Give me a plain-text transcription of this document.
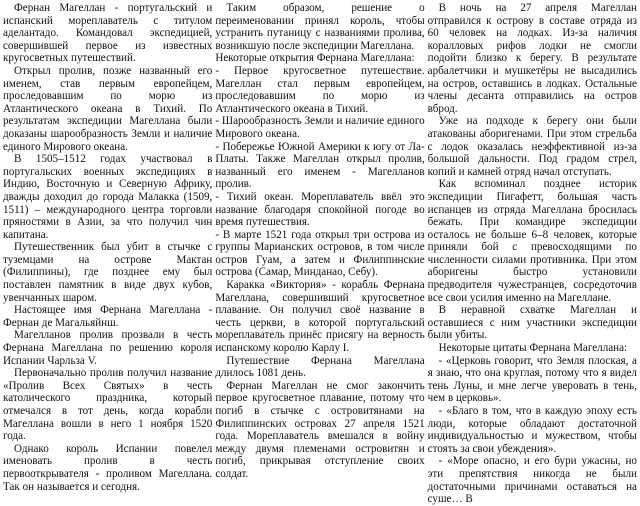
Фернан Магеллан - португальский и испанский мореплаватель с титулом аделантадо. Командовал экспедицией, совершившей первое из известных кругосветных путешествий.

Открыл пролив, позже названный его именем, став первым европейцем, проследовавшим по морю из Атлантического океана в Тихий. По результатам экспедиции Магеллана были доказаны шарообразность Земли и наличие единого Мирового океана.

В 1505–1512 годах участвовал в португальских военных экспедициях в Индию, Восточную и Северную Африку, дважды доходил до города Малакка (1509, 1511) – международного центра торговли пряностями в Азии, за что получил чин капитана.

Путешественник был убит в стычке с туземцами на острове Мактан (Филиппины), где позднее ему был поставлен памятник в виде двух кубов, увенчанных шаром.

Настоящее имя Фернана Магеллана - Фернан де Магальяйнш.

Магелланов пролив прозвали в честь Фернана Магеллана по решению короля Испании Чарльза V.

Первоначально пролив получил название «Пролив Всех Святых» в честь католического праздника, который отмечался в тот день, когда корабли Магеллана вошли в него 1 ноября 1520 года.

Однако король Испании повелел именовать пролив в честь первооткрывателя - проливом Магеллана. Так он называется и сегодня.

Таким образом, решение о переименовании принял король, чтобы устранить путаницу с названиями пролива, возникшую после экспедиции Магеллана.

Некоторые открытия Фернана Магеллана:

- Первое кругосветное путешествие. Магеллан стал первым европейцем, проследовавшим по морю из Атлантического океана в Тихий.

- Шарообразность Земли и наличие единого Мирового океана.

- Побережье Южной Америки к югу от Ла-Платы. Также Магеллан открыл пролив, названный его именем - Магелланов пролив.

- Тихий океан. Мореплаватель ввёл это название благодаря спокойной погоде во время путешествия.

- В марте 1521 года открыл три острова из группы Марианских островов, в том числе остров Гуам, а затем и Филиппинские острова (Самар, Минданао, Себу).

Каракка «Виктория» - корабль Фернана Магеллана, совершивший кругосветное плавание. Он получил своё название в честь церкви, в которой португальский мореплаватель принёс присягу на верность испанскому королю Карлу I.

Путешествие Фернана Магеллана длилось 1081 день.

Фернан Магеллан не смог закончить первое кругосветное плавание, потому что погиб в стычке с островитянами на Филиппинских островах 27 апреля 1521 года. Мореплаватель вмешался в войну между двумя племенами островитян и погиб, прикрывая отступление своих солдат.

В ночь на 27 апреля Магеллан отправился к острову в составе отряда из 60 человек на лодках. Из-за наличия коралловых рифов лодки не смогли подойти близко к берегу. В результате арбалетчики и мушкетёры не высадились на остров, оставшись в лодках. Остальные члены десанта отправились на остров вброд.

Уже на подходе к берегу они были атакованы аборигенами. При этом стрельба с лодок оказалась неэффективной из-за большой дальности. Под градом стрел, копий и камней отряд начал отступать.

Как вспоминал позднее историк экспедиции Пигафетт, большая часть испанцев из отряда Магеллана бросилась бежать. При командире экспедиции осталось не больше 6–8 человек, которые приняли бой с превосходящими по численности силами противника. При этом аборигены быстро установили предводителя чужестранцев, сосредоточив все свои усилия именно на Магеллане.

В неравной схватке Магеллан и оставшиеся с ним участники экспедиции были убиты.

Некоторые цитаты Фернана Магеллана:

- «Церковь говорит, что Земля плоская, а я знаю, что она круглая, потому что я видел тень Луны, и мне легче уверовать в тень, чем в церковь».

- «Благо в том, что в каждую эпоху есть люди, которые обладают достаточной индивидуальностью и мужеством, чтобы стоять за свои убеждения».

- «Море опасно, и его бури ужасны, но эти препятствия никогда не были достаточными причинами оставаться на суше… В
